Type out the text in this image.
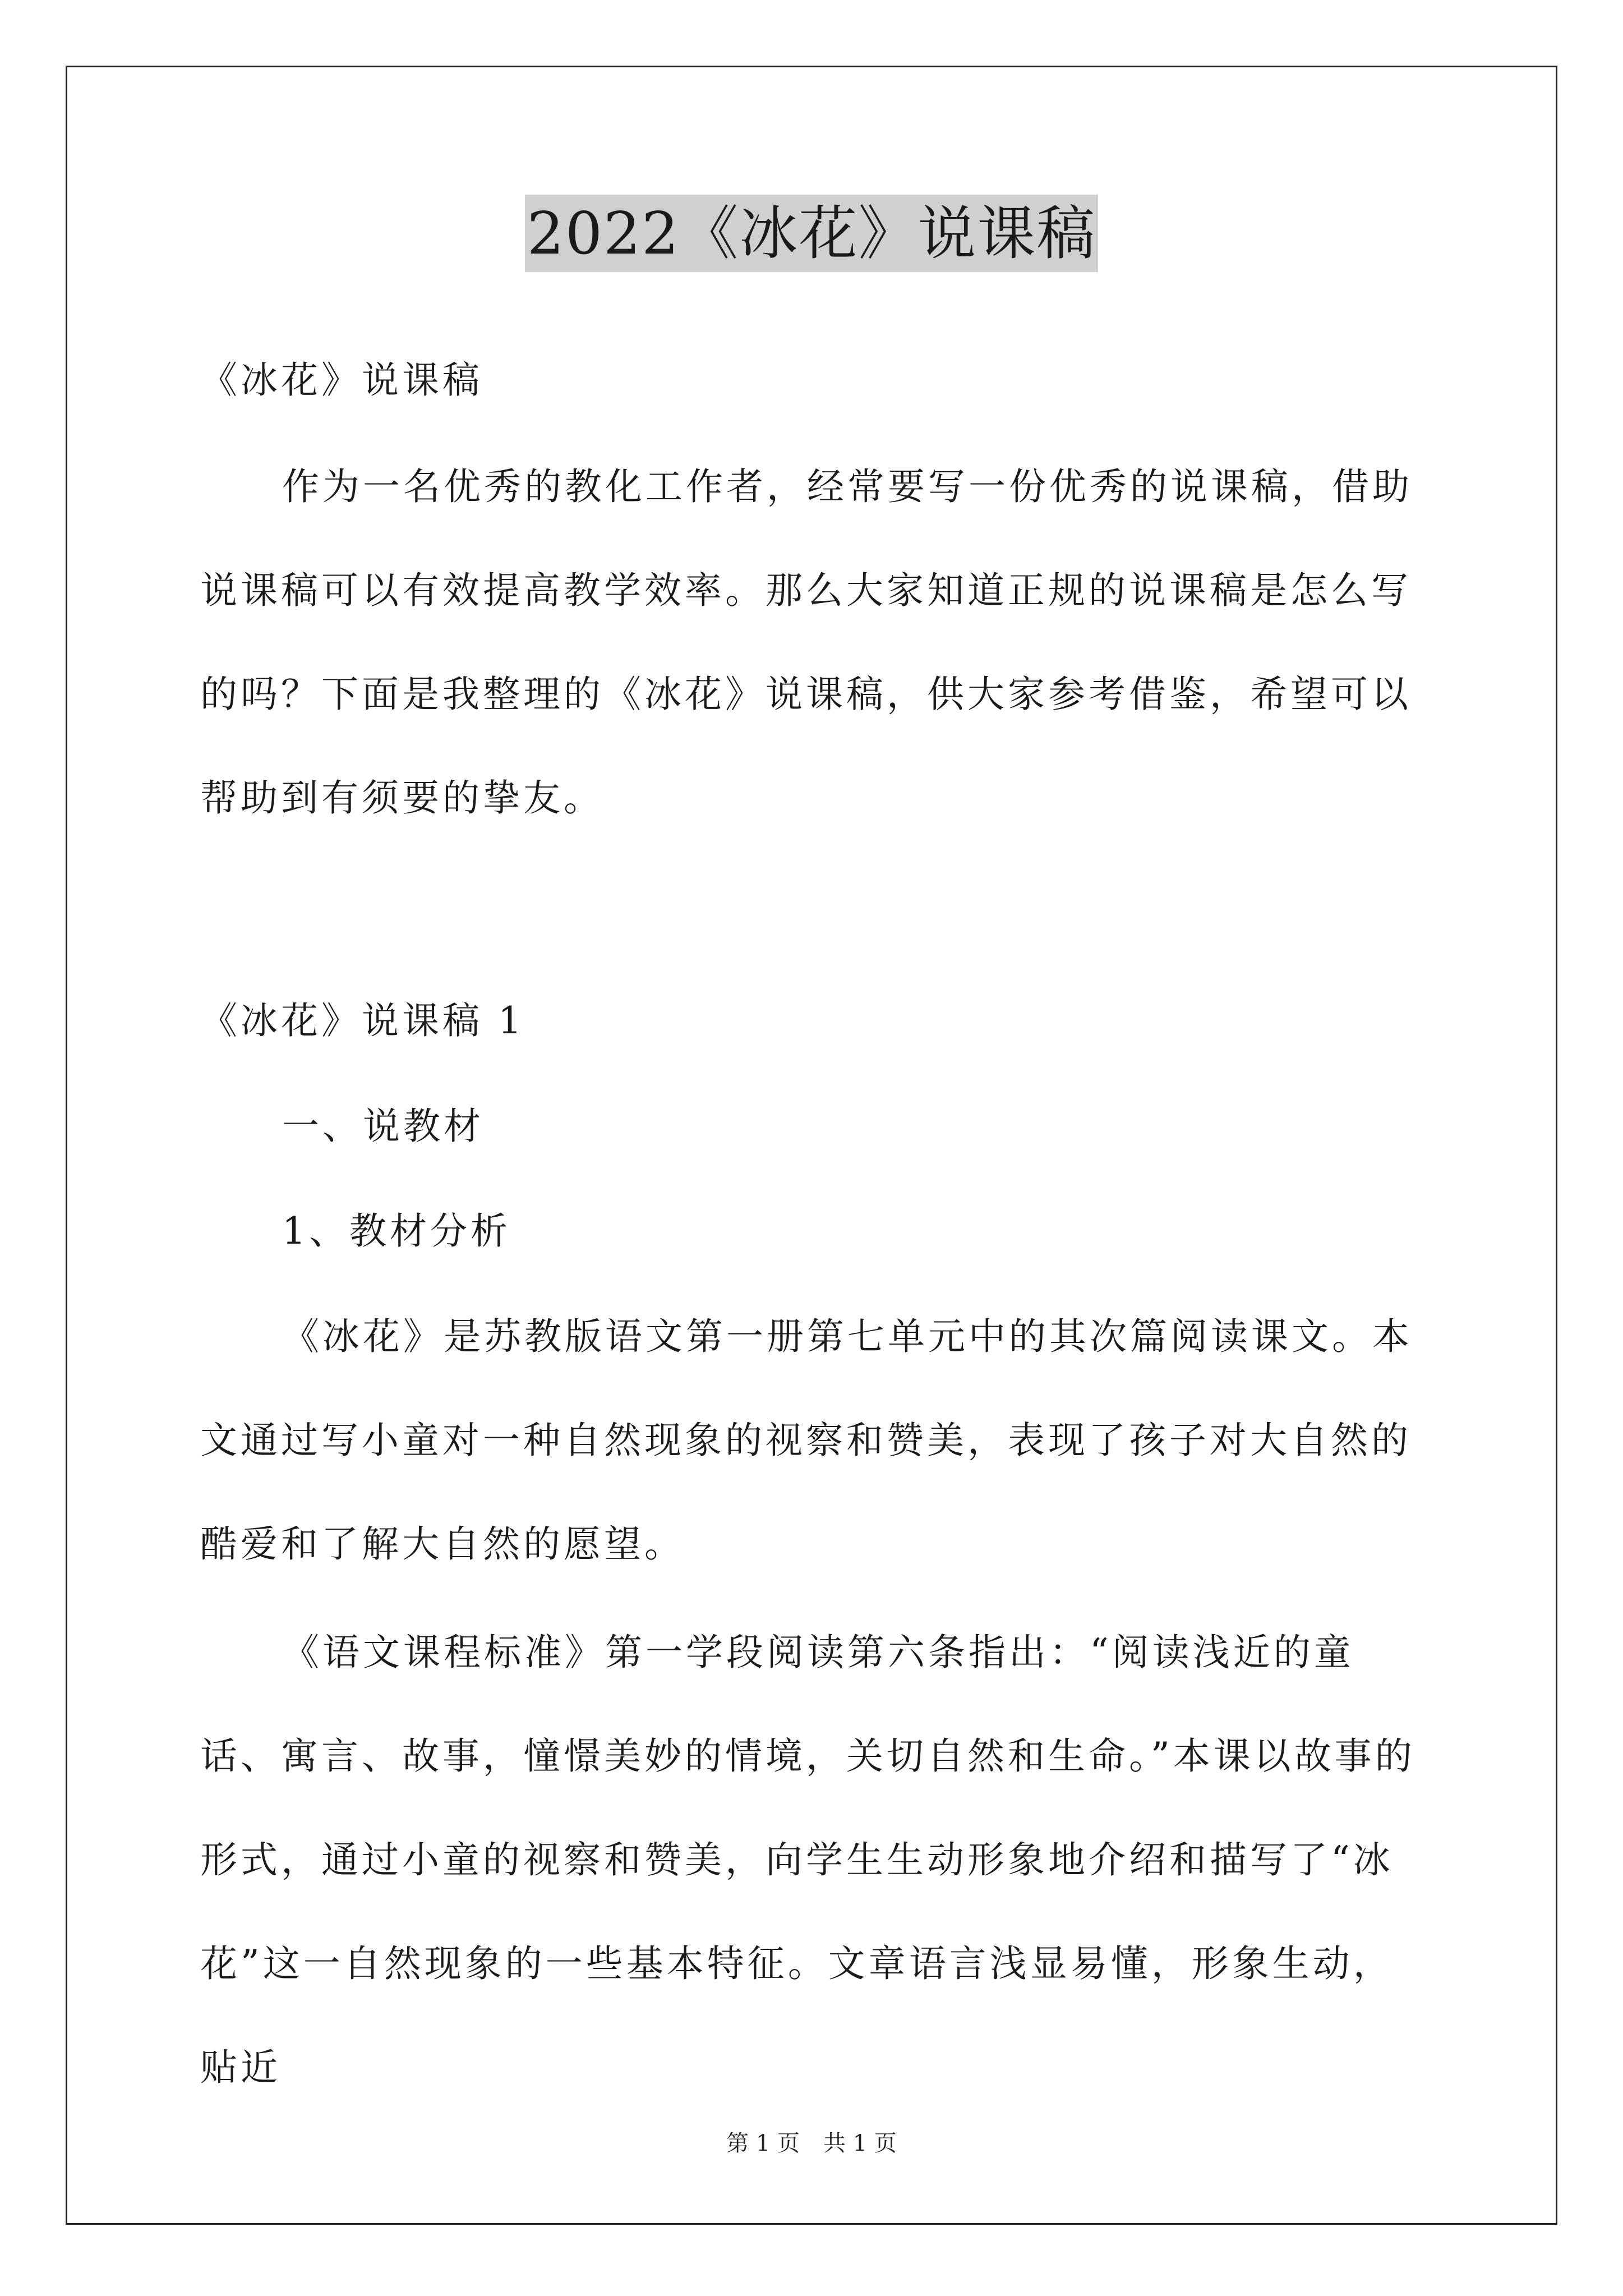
2022《冰花》说课稿

《冰花》说课稿

作为一名优秀的教化工作者，经常要写一份优秀的说课稿，借助说课稿可以有效提高教学效率。那么大家知道正规的说课稿是怎么写的吗？下面是我整理的《冰花》说课稿，供大家参考借鉴，希望可以帮助到有须要的挚友。

《冰花》说课稿 1

一、说教材

1、教材分析

《冰花》是苏教版语文第一册第七单元中的其次篇阅读课文。本文通过写小童对一种自然现象的视察和赞美，表现了孩子对大自然的酷爱和了解大自然的愿望。

《语文课程标准》第一学段阅读第六条指出：“阅读浅近的童话、寓言、故事，憧憬美妙的情境，关切自然和生命。”本课以故事的形式，通过小童的视察和赞美，向学生生动形象地介绍和描写了“冰花”这一自然现象的一些基本特征。文章语言浅显易懂，形象生动，贴近

第 1 页 共 1 页
